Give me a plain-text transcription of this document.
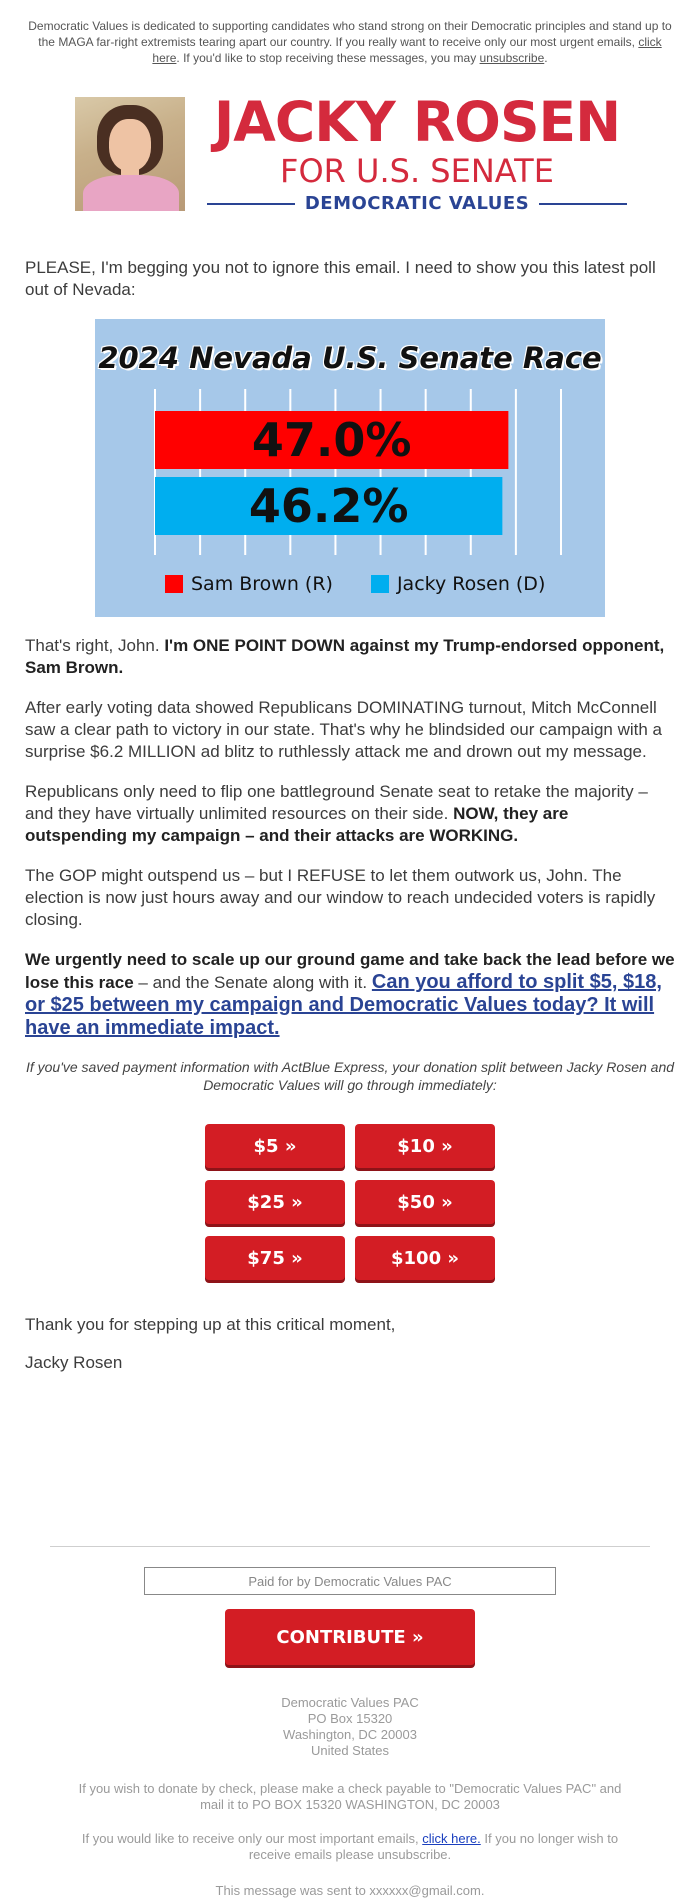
Democratic Values is dedicated to supporting candidates who stand strong on their Democratic principles and stand up to the MAGA far-right extremists tearing apart our country. If you really want to receive only our most urgent emails, click here. If you'd like to stop receiving these messages, you may unsubscribe.
JACKY ROSEN
FOR U.S. SENATE
DEMOCRATIC VALUES

PLEASE, I'm begging you not to ignore this email. I need to show you this latest poll out of Nevada:

47.0%
46.2%
2024 Nevada U.S. Senate Race
Sam Brown (R)	Jacky Rosen (D)

That's right, John. I'm ONE POINT DOWN against my Trump-endorsed opponent, Sam Brown.

After early voting data showed Republicans DOMINATING turnout, Mitch McConnell saw a clear path to victory in our state. That's why he blindsided our campaign with a surprise $6.2 MILLION ad blitz to ruthlessly attack me and drown out my message.

Republicans only need to flip one battleground Senate seat to retake the majority – and they have virtually unlimited resources on their side. NOW, they are outspending my campaign – and their attacks are WORKING.

The GOP might outspend us – but I REFUSE to let them outwork us, John. The election is now just hours away and our window to reach undecided voters is rapidly closing.

We urgently need to scale up our ground game and take back the lead before we lose this race – and the Senate along with it. Can you afford to split $5, $18, or $25 between my campaign and Democratic Values today? It will have an immediate impact.

If you've saved payment information with ActBlue Express, your donation split between Jacky Rosen and Democratic Values will go through immediately:

$5 »	$10 »
$25 »	$50 »
$75 »	$100 »

Thank you for stepping up at this critical moment,

Jacky Rosen

Paid for by Democratic Values PAC
CONTRIBUTE »
Democratic Values PAC
PO Box 15320
Washington, DC 20003
United States
If you wish to donate by check, please make a check payable to "Democratic Values PAC" and mail it to PO BOX 15320 WASHINGTON, DC 20003
If you would like to receive only our most important emails, click here. If you no longer wish to receive emails please unsubscribe.
This message was sent to xxxxxx@gmail.com.
